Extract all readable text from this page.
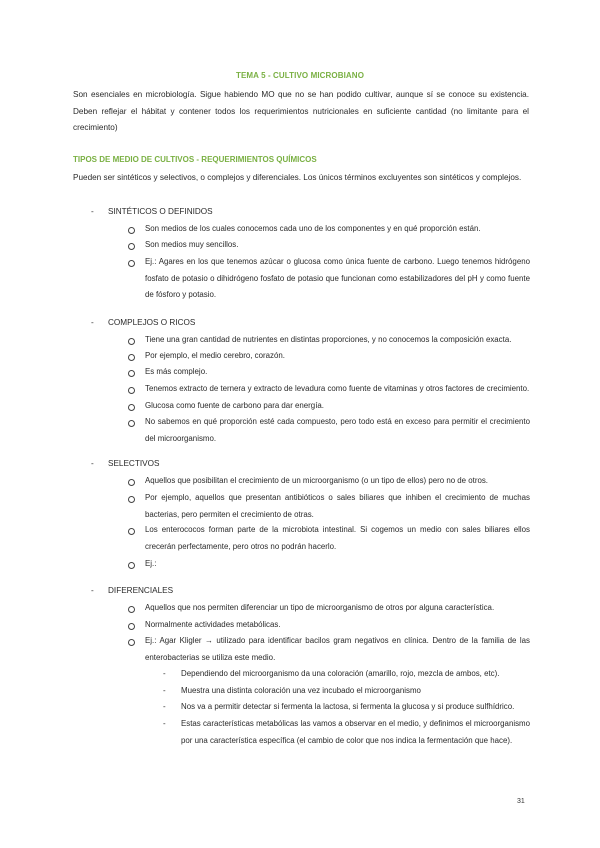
TEMA 5 - CULTIVO MICROBIANO
Son esenciales en microbiología. Sigue habiendo MO que no se han podido cultivar, aunque sí se conoce su existencia. Deben reflejar el hábitat y contener todos los requerimientos nutricionales en suficiente cantidad (no limitante para el crecimiento)
TIPOS DE MEDIO DE CULTIVOS - REQUERIMIENTOS QUÍMICOS
Pueden ser sintéticos y selectivos, o complejos y diferenciales. Los únicos términos excluyentes son sintéticos y complejos.
- SINTÉTICOS O DEFINIDOS
Son medios de los cuales conocemos cada uno de los componentes y en qué proporción están.
Son medios muy sencillos.
Ej.: Agares en los que tenemos azúcar o glucosa como única fuente de carbono. Luego tenemos hidrógeno fosfato de potasio o dihidrógeno fosfato de potasio que funcionan como estabilizadores del pH y como fuente de fósforo y potasio.
- COMPLEJOS O RICOS
Tiene una gran cantidad de nutrientes en distintas proporciones, y no conocemos la composición exacta.
Por ejemplo, el medio cerebro, corazón.
Es más complejo.
Tenemos extracto de ternera y extracto de levadura como fuente de vitaminas y otros factores de crecimiento.
Glucosa como fuente de carbono para dar energía.
No sabemos en qué proporción esté cada compuesto, pero todo está en exceso para permitir el crecimiento del microorganismo.
- SELECTIVOS
Aquellos que posibilitan el crecimiento de un microorganismo (o un tipo de ellos) pero no de otros.
Por ejemplo, aquellos que presentan antibióticos o sales biliares que inhiben el crecimiento de muchas bacterias, pero permiten el crecimiento de otras.
Los enterococos forman parte de la microbiota intestinal. Si cogemos un medio con sales biliares ellos crecerán perfectamente, pero otros no podrán hacerlo.
Ej.:
- DIFERENCIALES
Aquellos que nos permiten diferenciar un tipo de microorganismo de otros por alguna característica.
Normalmente actividades metabólicas.
Ej.: Agar Kligler → utilizado para identificar bacilos gram negativos en clínica. Dentro de la familia de las enterobacterias se utiliza este medio.
- Dependiendo del microorganismo da una coloración (amarillo, rojo, mezcla de ambos, etc).
- Muestra una distinta coloración una vez incubado el microorganismo
- Nos va a permitir detectar si fermenta la lactosa, si fermenta la glucosa y si produce sulfhídrico.
- Estas características metabólicas las vamos a observar en el medio, y definimos el microorganismo por una característica específica (el cambio de color que nos indica la fermentación que hace).
31
